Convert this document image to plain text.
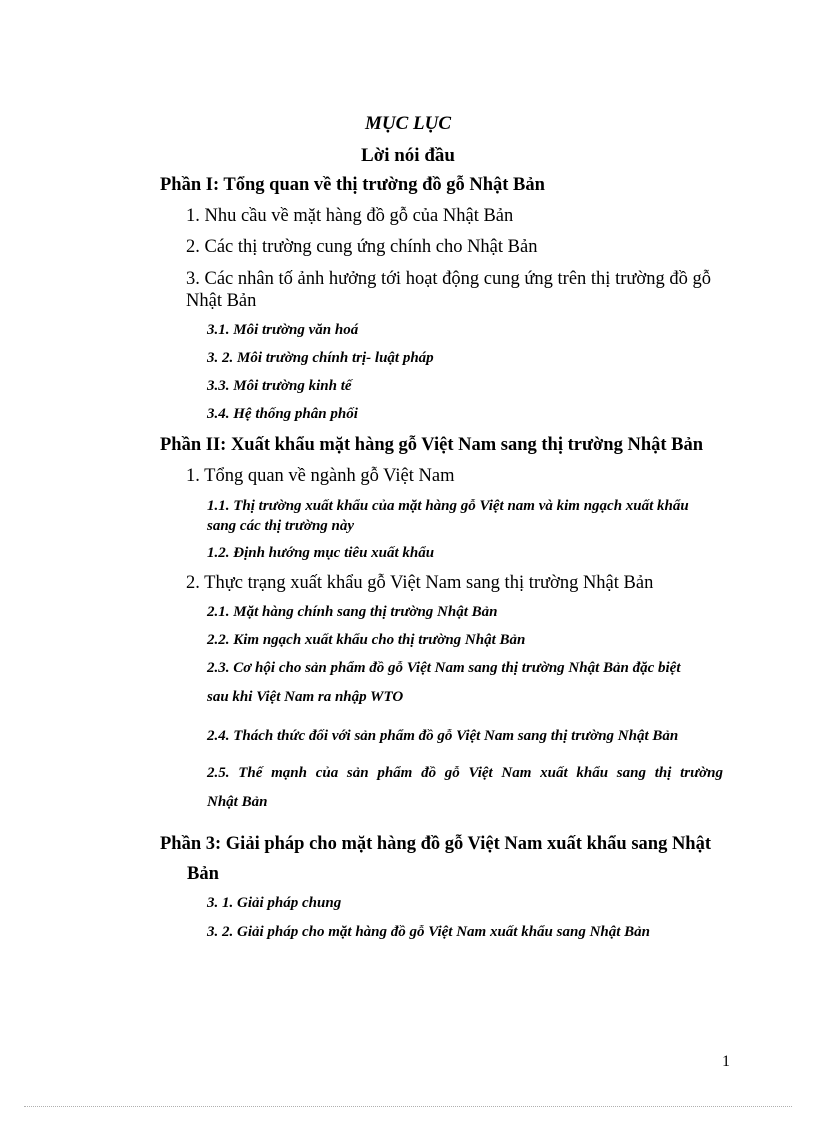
MỤC LỤC
Lời nói đầu
Phần I: Tổng quan về thị trường đồ gỗ Nhật Bản
1. Nhu cầu về mặt hàng đồ gỗ của Nhật Bản
2. Các thị trường cung ứng chính cho Nhật Bản
3. Các nhân tố ảnh hưởng tới hoạt động cung ứng trên thị trường đồ gỗ Nhật Bản
3.1. Môi trường văn hoá
3. 2. Môi trường chính trị- luật pháp
3.3. Môi trường kinh tế
3.4. Hệ thống phân phối
Phần II: Xuất khẩu mặt hàng gỗ Việt Nam sang thị trường Nhật Bản
1. Tổng quan về ngành gỗ Việt Nam
1.1. Thị trường xuất khẩu của mặt hàng gỗ Việt nam và kim ngạch xuất khẩu sang các thị trường này
1.2. Định hướng mục tiêu xuất khẩu
2. Thực trạng xuất khẩu gỗ Việt Nam sang thị trường Nhật Bản
2.1. Mặt hàng chính sang thị trường Nhật Bản
2.2. Kim ngạch xuất khẩu cho thị trường Nhật Bản
2.3. Cơ hội cho sản phẩm đồ gỗ Việt Nam sang thị trường Nhật Bản đặc biệt
sau khi Việt Nam ra nhập WTO
2.4. Thách thức đối với sản phẩm đồ gỗ Việt Nam sang thị trường Nhật Bản
2.5. Thế mạnh của sản phẩm đồ gỗ Việt Nam xuất khẩu sang thị trường
Nhật Bản
Phần 3: Giải pháp cho mặt hàng đồ gỗ Việt Nam xuất khẩu sang Nhật
Bản
3. 1. Giải pháp chung
3. 2. Giải pháp cho mặt hàng đồ gỗ Việt Nam xuất khẩu sang Nhật Bản
1
